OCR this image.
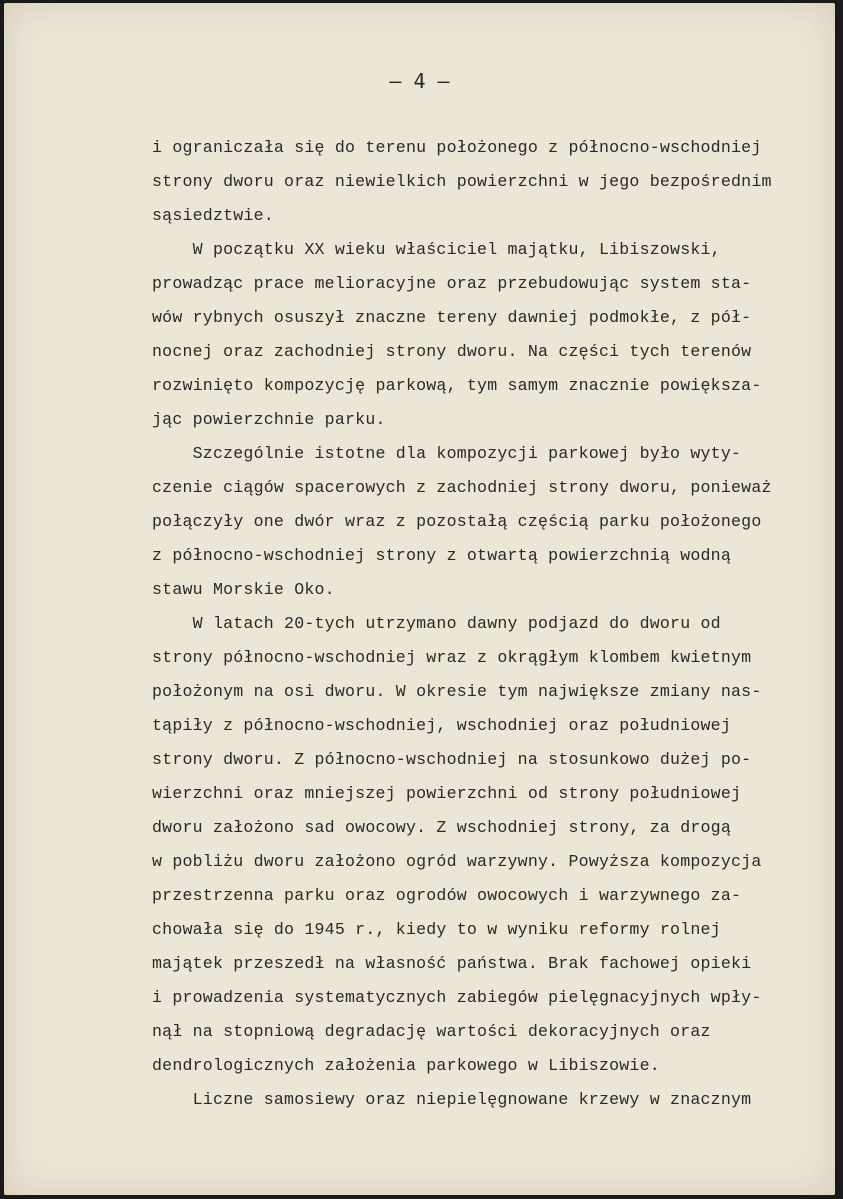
– 4 –
i ograniczała się do terenu położonego z północno-wschodniej
strony dworu oraz niewielkich powierzchni w jego bezpośrednim
sąsiedztwie.
W początku XX wieku właściciel majątku, Libiszowski,
prowadząc prace melioracyjne oraz przebudowując system sta-
wów rybnych osuszył znaczne tereny dawniej podmokłe, z pół-
nocnej oraz zachodniej strony dworu. Na części tych terenów
rozwinięto kompozycję parkową, tym samym znacznie powiększa-
jąc powierzchnie parku.
Szczególnie istotne dla kompozycji parkowej było wyty-
czenie ciągów spacerowych z zachodniej strony dworu, ponieważ
połączyły one dwór wraz z pozostałą częścią parku położonego
z północno-wschodniej strony z otwartą powierzchnią wodną
stawu Morskie Oko.
W latach 20-tych utrzymano dawny podjazd do dworu od
strony północno-wschodniej wraz z okrągłym klombem kwietnym
położonym na osi dworu. W okresie tym największe zmiany nas-
tąpiły z północno-wschodniej, wschodniej oraz południowej
strony dworu. Z północno-wschodniej na stosunkowo dużej po-
wierzchni oraz mniejszej powierzchni od strony południowej
dworu założono sad owocowy. Z wschodniej strony, za drogą
w pobliżu dworu założono ogród warzywny. Powyższa kompozycja
przestrzenna parku oraz ogrodów owocowych i warzywnego za-
chowała się do 1945 r., kiedy to w wyniku reformy rolnej
majątek przeszedł na własność państwa. Brak fachowej opieki
i prowadzenia systematycznych zabiegów pielęgnacyjnych wpły-
nął na stopniową degradację wartości dekoracyjnych oraz
dendrologicznych założenia parkowego w Libiszowie.
Liczne samosiewy oraz niepielęgnowane krzewy w znacznym
